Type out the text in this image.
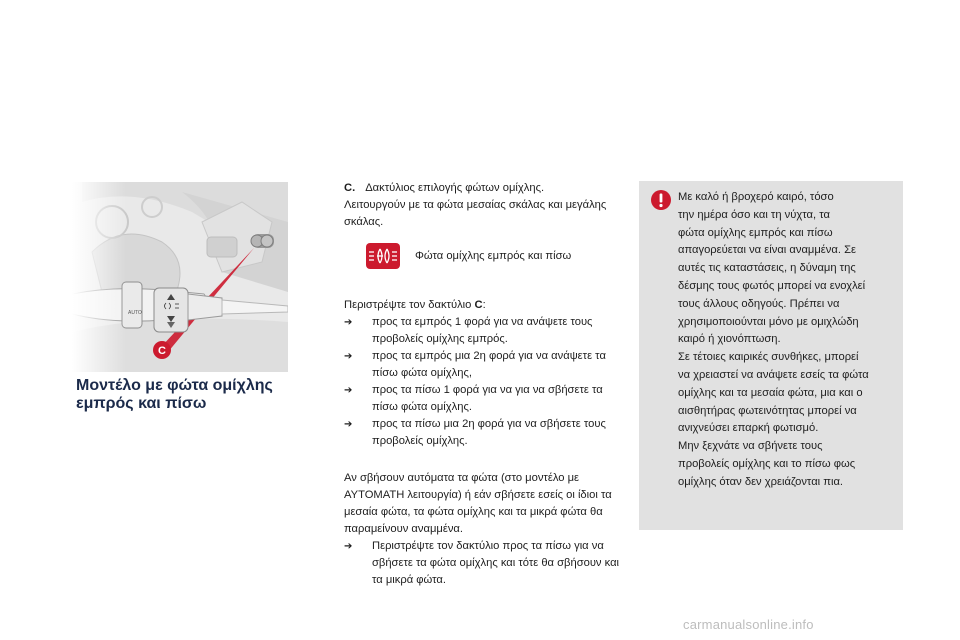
Μοντέλο με φώτα ομίχλης εμπρός και πίσω

C. Δακτύλιος επιλογής φώτων ομίχλης.
Λειτουργούν με τα φώτα μεσαίας σκάλας και μεγάλης σκάλας.

Φώτα ομίχλης εμπρός και πίσω

Περιστρέψτε τον δακτύλιο C:

➔	προς τα εμπρός 1 φορά για να ανάψετε τους προβολείς ομίχλης εμπρός.
➔	προς τα εμπρός μια 2η φορά για να ανάψετε τα πίσω φώτα ομίχλης,
➔	προς τα πίσω 1 φορά για να για να σβήσετε τα πίσω φώτα ομίχλης.
➔	προς τα πίσω μια 2η φορά για να σβήσετε τους προβολείς ομίχλης.

Αν σβήσουν αυτόματα τα φώτα (στο μοντέλο με ΑΥΤΟΜΑΤΗ λειτουργία) ή εάν σβήσετε εσείς οι ίδιοι τα μεσαία φώτα, τα φώτα ομίχλης και τα μικρά φώτα θα παραμείνουν αναμμένα.

➔	Περιστρέψτε τον δακτύλιο προς τα πίσω για να σβήσετε τα φώτα ομίχλης και τότε θα σβήσουν και τα μικρά φώτα.
Με καλό ή βροχερό καιρό, τόσο
την ημέρα όσο και τη νύχτα, τα
φώτα ομίχλης εμπρός και πίσω
απαγορεύεται να είναι αναμμένα. Σε
αυτές τις καταστάσεις, η δύναμη της
δέσμης τους φωτός μπορεί να ενοχλεί
τους άλλους οδηγούς. Πρέπει να
χρησιμοποιούνται μόνο με ομιχλώδη
καιρό ή χιονόπτωση.
Σε τέτοιες καιρικές συνθήκες, μπορεί
να χρειαστεί να ανάψετε εσείς τα φώτα
ομίχλης και τα μεσαία φώτα, μια και ο
αισθητήρας φωτεινότητας μπορεί να
ανιχνεύσει επαρκή φωτισμό.
Μην ξεχνάτε να σβήνετε τους
προβολείς ομίχλης και το πίσω φως
ομίχλης όταν δεν χρειάζονται πια.
carmanualsonline.info
